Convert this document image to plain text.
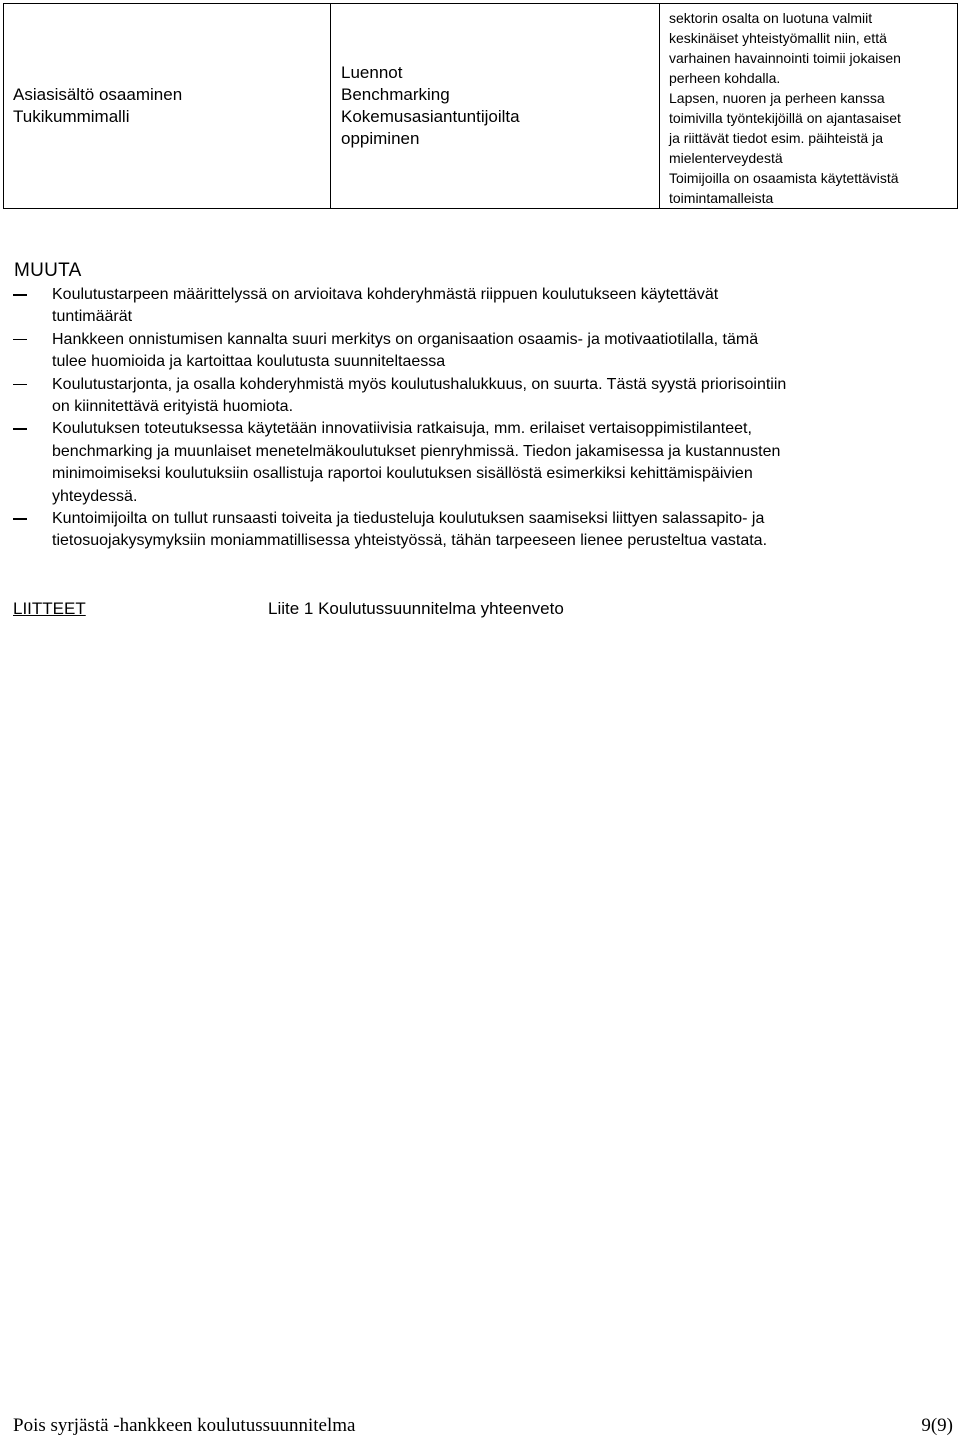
Asiasisältö osaaminen
Tukikummimalli

Luennot
Benchmarking
Kokemusasiantuntijoilta
oppiminen

sektorin osalta on luotuna valmiit
keskinäiset yhteistyömallit niin, että
varhainen havainnointi toimii jokaisen
perheen kohdalla.
Lapsen, nuoren ja perheen kanssa
toimivilla työntekijöillä on ajantasaiset
ja riittävät tiedot esim. päihteistä ja
mielenterveydestä
Toimijoilla on osaamista käytettävistä
toimintamalleista
MUUTA
Koulutustarpeen määrittelyssä on arvioitava kohderyhmästä riippuen koulutukseen käytettävät
tuntimäärät
Hankkeen onnistumisen kannalta suuri merkitys on organisaation osaamis- ja motivaatiotilalla, tämä
tulee huomioida ja kartoittaa koulutusta suunniteltaessa
Koulutustarjonta, ja osalla kohderyhmistä myös koulutushalukkuus, on suurta. Tästä syystä priorisointiin
on kiinnitettävä erityistä huomiota.
Koulutuksen toteutuksessa käytetään innovatiivisia ratkaisuja, mm. erilaiset vertaisoppimistilanteet,
benchmarking ja muunlaiset menetelmäkoulutukset pienryhmissä. Tiedon jakamisessa ja kustannusten
minimoimiseksi koulutuksiin osallistuja raportoi koulutuksen sisällöstä esimerkiksi kehittämispäivien
yhteydessä.
Kuntoimijoilta on tullut runsaasti toiveita ja tiedusteluja koulutuksen saamiseksi liittyen salassapito- ja
tietosuojakysymyksiin moniammatillisessa yhteistyössä, tähän tarpeeseen lienee perusteltua vastata.
LIITTEET	Liite 1 Koulutussuunnitelma yhteenveto
Pois syrjästä -hankkeen koulutussuunnitelma	9(9)
